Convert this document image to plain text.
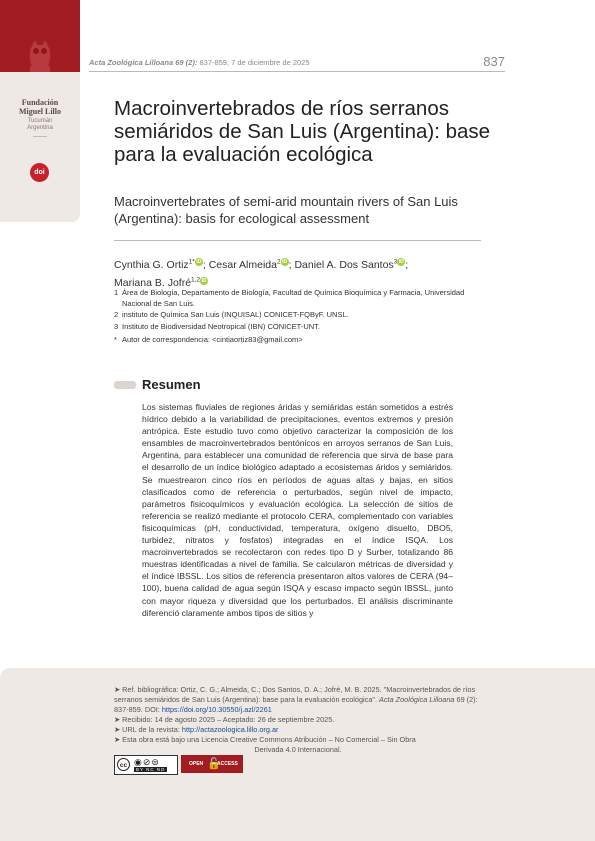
Fundación
Miguel Lillo
Tucumán
Argentina
doi
Acta Zoológica Lilloana 69 (2): 837-859, 7 de diciembre de 2025	837
Macroinvertebrados de ríos serranos semiáridos de San Luis (Argentina): base para la evaluación ecológica
Macroinvertebrates of semi-arid mountain rivers of San Luis (Argentina): basis for ecological assessment
Cynthia G. Ortiz$^{1*}$ iD ; Cesar Almeida$^2$ iD ; Daniel A. Dos Santos$^3$ iD ;
Mariana B. Jofré$^{1,2}$ iD
1 Área de Biología, Departamento de Biología, Facultad de Química Bioquímica y Farmacia, Universidad Nacional de San Luis.
2 instituto de Química San Luis (INQUISAL) CONICET-FQByF. UNSL.
3 Instituto de Biodiversidad Neotropical (IBN) CONICET-UNT.
* Autor de correspondencia: <cintiaortiz83@gmail.com>
Resumen
Los sistemas fluviales de regiones áridas y semiáridas están sometidos a estrés hídrico debido a la variabilidad de precipitaciones, eventos extremos y presión antrópica. Este estudio tuvo como objetivo caracterizar la composición de los ensambles de macroinvertebrados bentónicos en arroyos serranos de San Luis, Argentina, para establecer una comunidad de referencia que sirva de base para el desarrollo de un índice biológico adaptado a ecosistemas áridos y semiáridos. Se muestrearon cinco ríos en períodos de aguas altas y bajas, en sitios clasificados como de referencia o perturbados, según nivel de impacto, parámetros fisicoquímicos y evaluación ecológica. La selección de sitios de referencia se realizó mediante el protocolo CERA, complementado con variables fisicoquímicas (pH, conductividad, temperatura, oxígeno disuelto, DBO5, turbidez, nitratos y fosfatos) integradas en el índice ISQA. Los macroinvertebrados se recolectaron con redes tipo D y Surber, totalizando 86 muestras identificadas a nivel de familia. Se calcularon métricas de diversidad y el índice IBSSL. Los sitios de referencia presentaron altos valores de CERA (94–100), buena calidad de agua según ISQA y escaso impacto según IBSSL, junto con mayor riqueza y diversidad que los perturbados. El análisis discriminante diferenció claramente ambos tipos de sitios y
➤ Ref. bibliográfica: Ortiz, C. G.; Almeida, C.; Dos Santos, D. A.; Jofré, M. B. 2025. "Macroinvertebrados de ríos serranos semiáridos de San Luis (Argentina): base para la evaluación ecológica". Acta Zoológica Lilloana 69 (2): 837-859. DOI: https://doi.org/10.30550/j.azl/2261
➤ Recibido: 14 de agosto 2025 – Aceptado: 26 de septiembre 2025.
➤ URL de la revista: http://actazoologica.lillo.org.ar
➤ Esta obra está bajo una Licencia Creative Commons Atribución – No Comercial – Sin Obra
Derivada 4.0 Internacional.
cc ◉⊘⊜
BY NC ND
OPEN 🔓
ACCESS
